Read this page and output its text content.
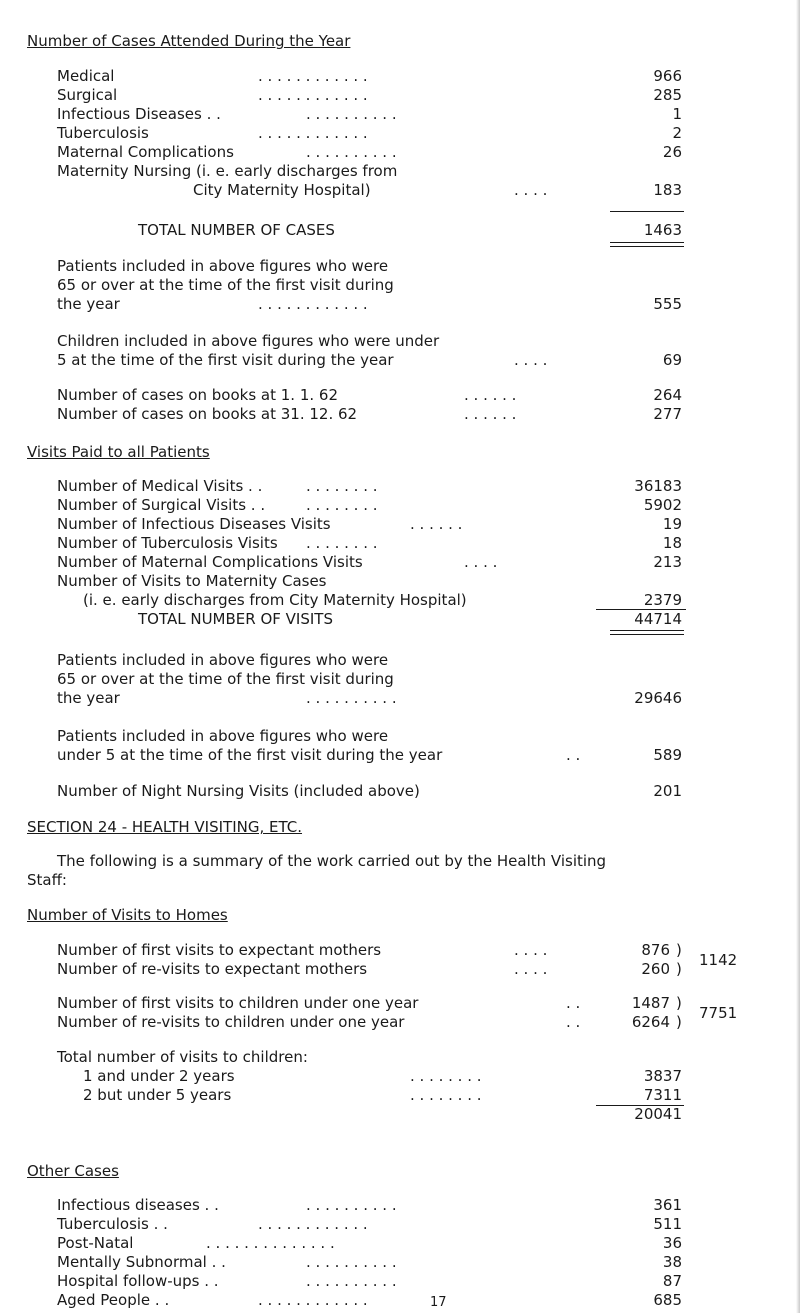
Number of Cases Attended During the Year
Medical	. . . . . . . . . . . .	966
Surgical	. . . . . . . . . . . .	285
Infectious Diseases . .	. . . . . . . . . .	1
Tuberculosis	. . . . . . . . . . . .	2
Maternal Complications	. . . . . . . . . .	26
Maternity Nursing (i. e. early discharges from
City Maternity Hospital)	. . . .	183
TOTAL NUMBER OF CASES	1463
Patients included in above figures who were
65 or over at the time of the first visit during
the year	. . . . . . . . . . . .	555
Children included in above figures who were under
5 at the time of the first visit during the year	. . . .	69
Number of cases on books at 1. 1. 62	. . . . . .	264
Number of cases on books at 31. 12. 62	. . . . . .	277
Visits Paid to all Patients
Number of Medical Visits . .	. . . . . . . .	36183
Number of Surgical Visits . .	. . . . . . . .	5902
Number of Infectious Diseases Visits	. . . . . .	19
Number of Tuberculosis Visits . . . . . . . .	18
Number of Maternal Complications Visits	. . . .	213
Number of Visits to Maternity Cases
(i. e. early discharges from City Maternity Hospital)	2379
TOTAL NUMBER OF VISITS	44714
Patients included in above figures who were
65 or over at the time of the first visit during
the year	. . . . . . . . . .	29646
Patients included in above figures who were
under 5 at the time of the first visit during the year	. .	589
Number of Night Nursing Visits (included above)	201
SECTION 24 - HEALTH VISITING, ETC.
The following is a summary of the work carried out by the Health Visiting
Staff:
Number of Visits to Homes
Number of first visits to expectant mothers	. . . .	876 )
Number of re-visits to expectant mothers	. . . .	260 ) 1142
Number of first visits to children under one year	. .	1487 )
Number of re-visits to children under one year	. .	6264 ) 7751
Total number of visits to children:
1 and under 2 years	. . . . . . . .	3837
2 but under 5 years	. . . . . . . .	7311
20041
Other Cases
Infectious diseases . .	. . . . . . . . . .	361
Tuberculosis . .	. . . . . . . . . . . .	511
Post-Natal	. . . . . . . . . . . . . .	36
Mentally Subnormal . .	. . . . . . . . . .	38
Hospital follow-ups . .	. . . . . . . . . .	87
Aged People . .	. . . . . . . . . . . .	685
17
